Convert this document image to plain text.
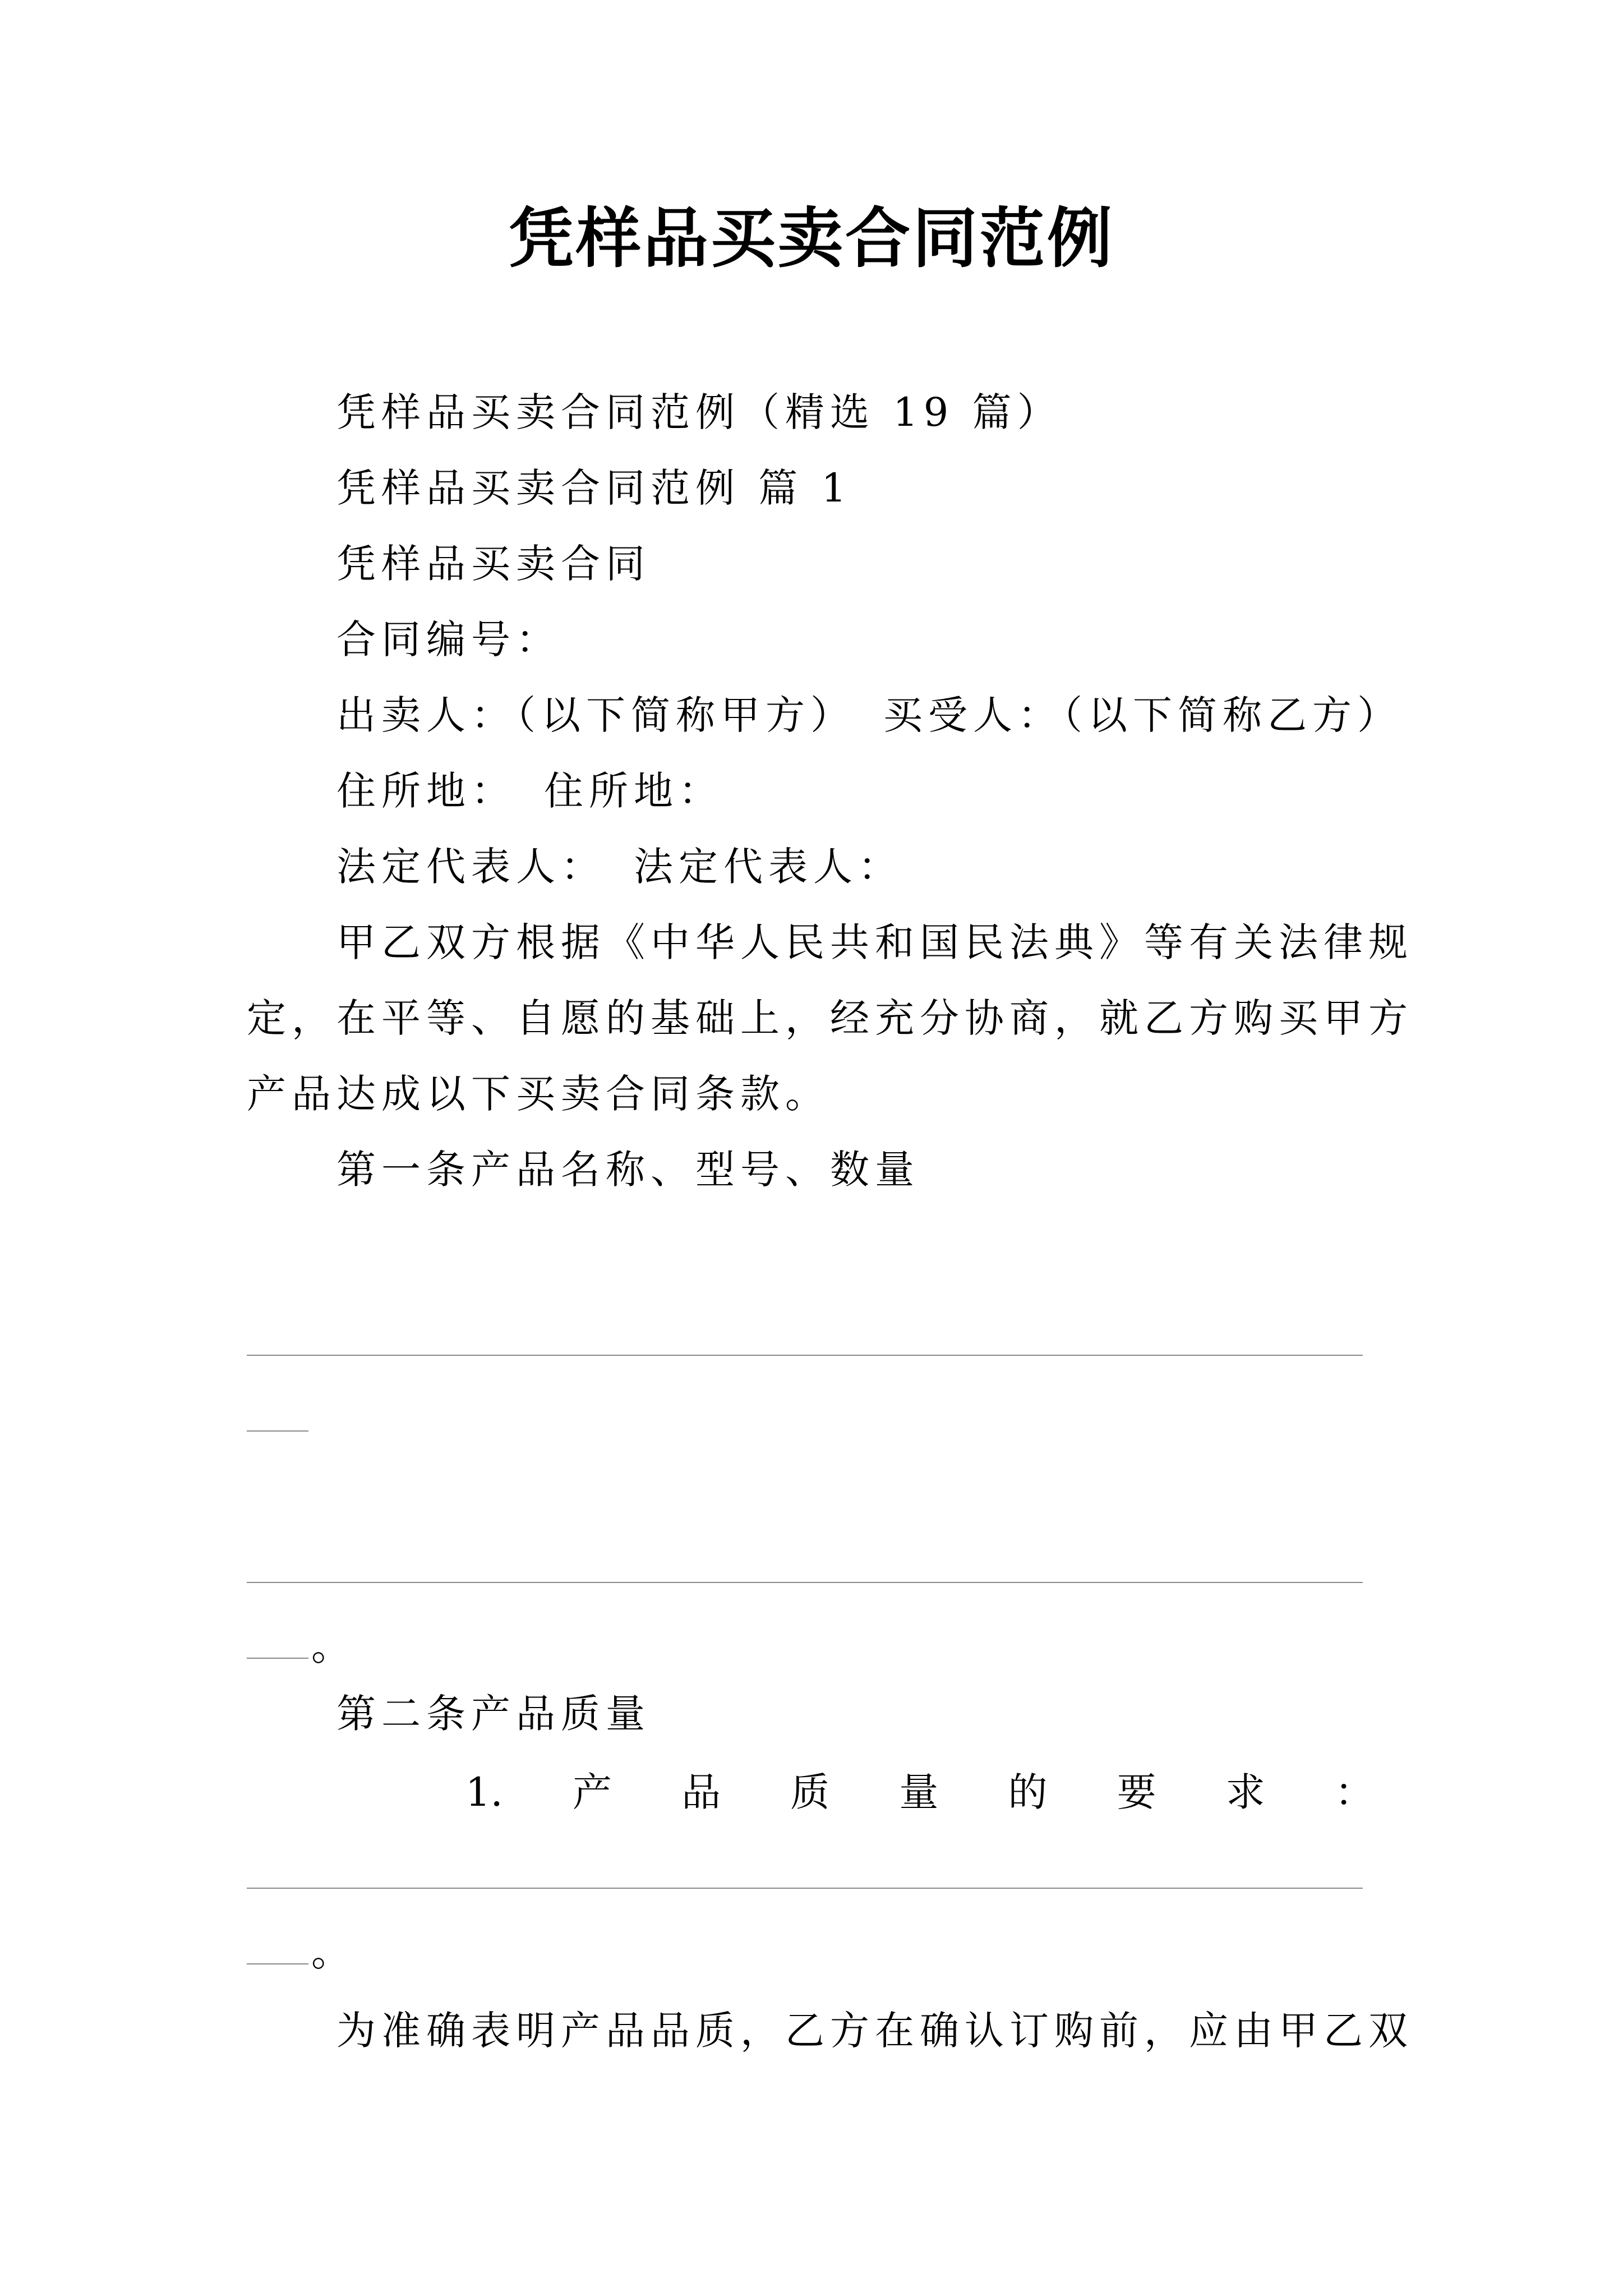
凭样品买卖合同范例
凭样品买卖合同范例（精选 19 篇）
凭样品买卖合同范例 篇 1
凭样品买卖合同
合同编号：
出卖人：（以下简称甲方） 买受人：（以下简称乙方）
住所地： 住所地：
法定代表人： 法定代表人：
甲乙双方根据《中华人民共和国民法典》等有关法律规
定，在平等、自愿的基础上，经充分协商，就乙方购买甲方
产品达成以下买卖合同条款。
第一条产品名称、型号、数量
。
第二条产品质量
1. 产 品 质 量 的 要 求 ：
。
为准确表明产品品质，乙方在确认订购前，应由甲乙双
